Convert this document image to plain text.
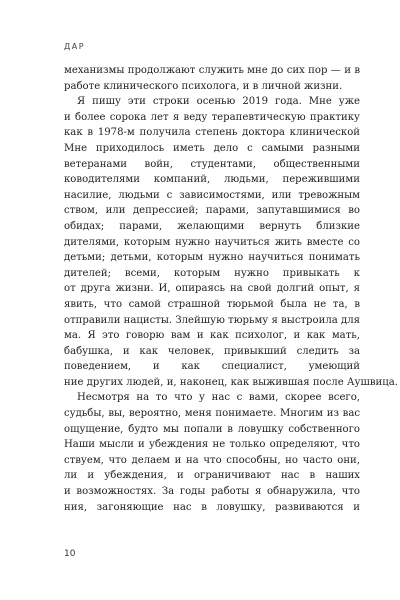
ДАР
механизмы продолжают служить мне до сих пор — и в
работе клинического психолога, и в личной жизни.
Я пишу эти строки осенью 2019 года. Мне уже
и более сорока лет я веду терапевтическую практику
как в 1978-м получила степень доктора клинической
Мне приходилось иметь дело с самыми разными
ветеранами войн, студентами, общественными
ководителями компаний, людьми, пережившими
насилие, людьми с зависимостями, или тревожным
ством, или депрессией; парами, запутавшимися во
обидах; парами, желающими вернуть близкие
дителями, которым нужно научиться жить вместе со
детьми; детьми, которым нужно научиться понимать
дителей; всеми, которым нужно привыкать к
от друга жизни. И, опираясь на свой долгий опыт, я
явить, что самой страшной тюрьмой была не та, в
отправили нацисты. Злейшую тюрьму я выстроила для
ма. Я это говорю вам и как психолог, и как мать,
бабушка, и как человек, привыкший следить за
поведением, и как специалист, умеющий
ние других людей, и, наконец, как выжившая после Аушвица.
Несмотря на то что у нас с вами, скорее всего,
судьбы, вы, вероятно, меня понимаете. Многим из вас
ощущение, будто мы попали в ловушку собственного
Наши мысли и убеждения не только определяют, что
ствуем, что делаем и на что способны, но часто они,
ли и убеждения, и ограничивают нас в наших
и возможностях. За годы работы я обнаружила, что
ния, загоняющие нас в ловушку, развиваются и
10
